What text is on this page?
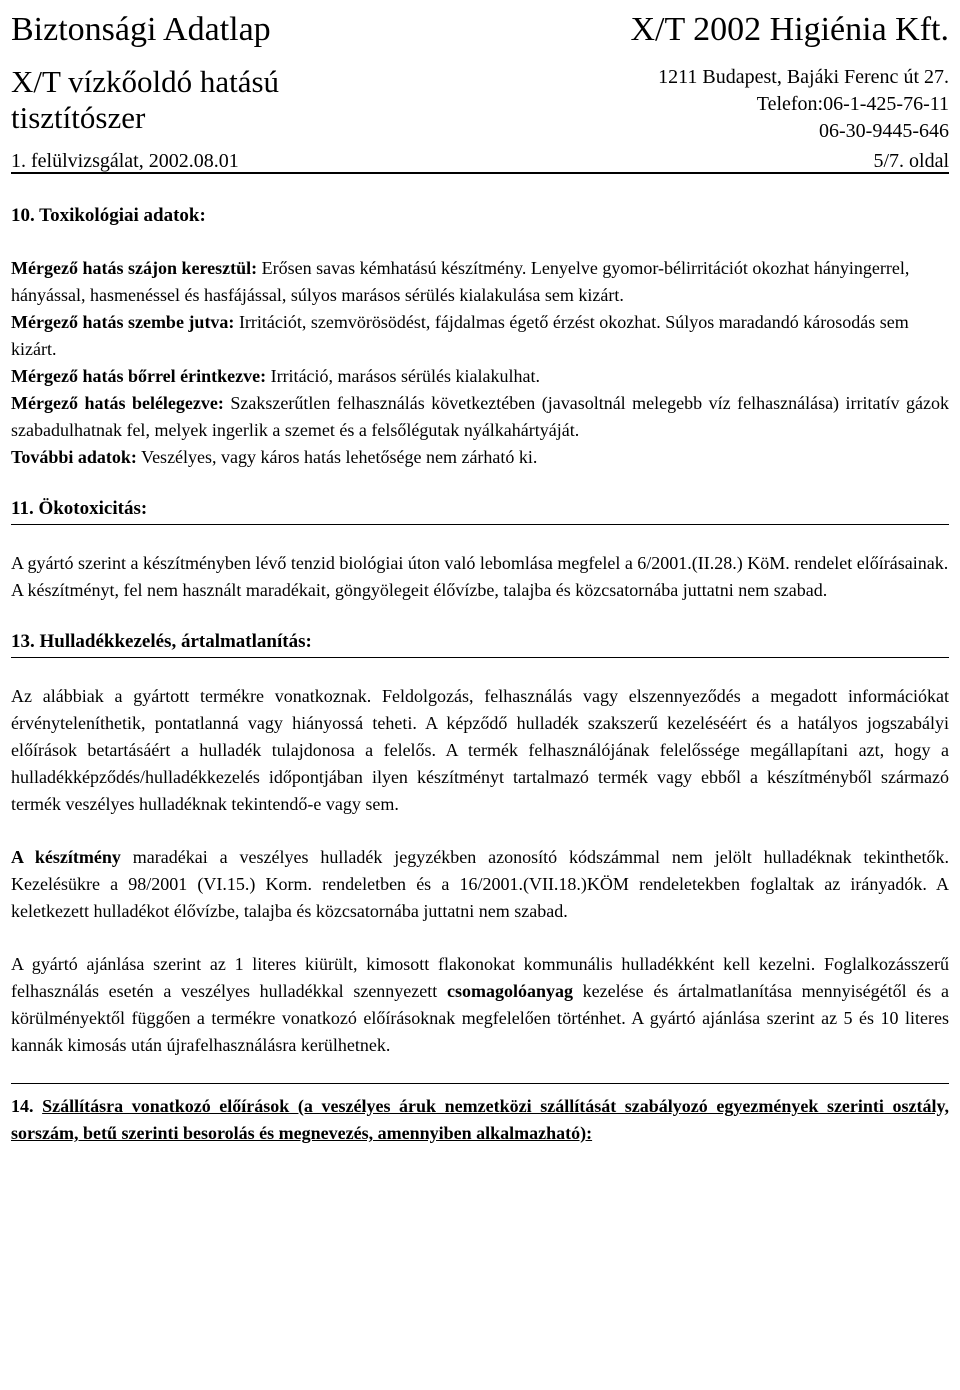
Biztonsági Adatlap	X/T 2002 Higiénia Kft.
X/T vízkőoldó hatású
tisztítószer
1211 Budapest, Bajáki Ferenc út 27.
Telefon:06-1-425-76-11
06-30-9445-646
1. felülvizsgálat, 2002.08.01	5/7. oldal
10. Toxikológiai adatok:

Mérgező hatás szájon keresztül: Erősen savas kémhatású készítmény. Lenyelve gyomor-bélirritációt okozhat hányingerrel, hányással, hasmenéssel és hasfájással, súlyos marásos sérülés kialakulása sem kizárt.

Mérgező hatás szembe jutva: Irritációt, szemvörösödést, fájdalmas égető érzést okozhat. Súlyos maradandó károsodás sem kizárt.

Mérgező hatás bőrrel érintkezve: Irritáció, marásos sérülés kialakulhat.

Mérgező hatás belélegezve: Szakszerűtlen felhasználás következtében (javasoltnál melegebb víz felhasználása) irritatív gázok szabadulhatnak fel, melyek ingerlik a szemet és a felsőlégutak nyálkahártyáját.

További adatok: Veszélyes, vagy káros hatás lehetősége nem zárható ki.

11. Ökotoxicitás:

A gyártó szerint a készítményben lévő tenzid biológiai úton való lebomlása megfelel a 6/2001.(II.28.) KöM. rendelet előírásainak.

A készítményt, fel nem használt maradékait, göngyölegeit élővízbe, talajba és közcsatornába juttatni nem szabad.

13. Hulladékkezelés, ártalmatlanítás:

Az alábbiak a gyártott termékre vonatkoznak. Feldolgozás, felhasználás vagy elszennyeződés a megadott információkat érvényteleníthetik, pontatlanná vagy hiányossá teheti. A képződő hulladék szakszerű kezeléséért és a hatályos jogszabályi előírások betartásáért a hulladék tulajdonosa a felelős. A termék felhasználójának felelőssége megállapítani azt, hogy a hulladékképződés/hulladékkezelés időpontjában ilyen készítményt tartalmazó termék vagy ebből a készítményből származó termék veszélyes hulladéknak tekintendő-e vagy sem.

A készítmény maradékai a veszélyes hulladék jegyzékben azonosító kódszámmal nem jelölt hulladéknak tekinthetők. Kezelésükre a 98/2001 (VI.15.) Korm. rendeletben és a 16/2001.(VII.18.)KÖM rendeletekben foglaltak az irányadók. A keletkezett hulladékot élővízbe, talajba és közcsatornába juttatni nem szabad.

A gyártó ajánlása szerint az 1 literes kiürült, kimosott flakonokat kommunális hulladékként kell kezelni. Foglalkozásszerű felhasználás esetén a veszélyes hulladékkal szennyezett csomagolóanyag kezelése és ártalmatlanítása mennyiségétől és a körülményektől függően a termékre vonatkozó előírásoknak megfelelően történhet. A gyártó ajánlása szerint az 5 és 10 literes kannák kimosás után újrafelhasználásra kerülhetnek.

14. Szállításra vonatkozó előírások (a veszélyes áruk nemzetközi szállítását szabályozó egyezmények szerinti osztály, sorszám, betű szerinti besorolás és megnevezés, amennyiben alkalmazható):
